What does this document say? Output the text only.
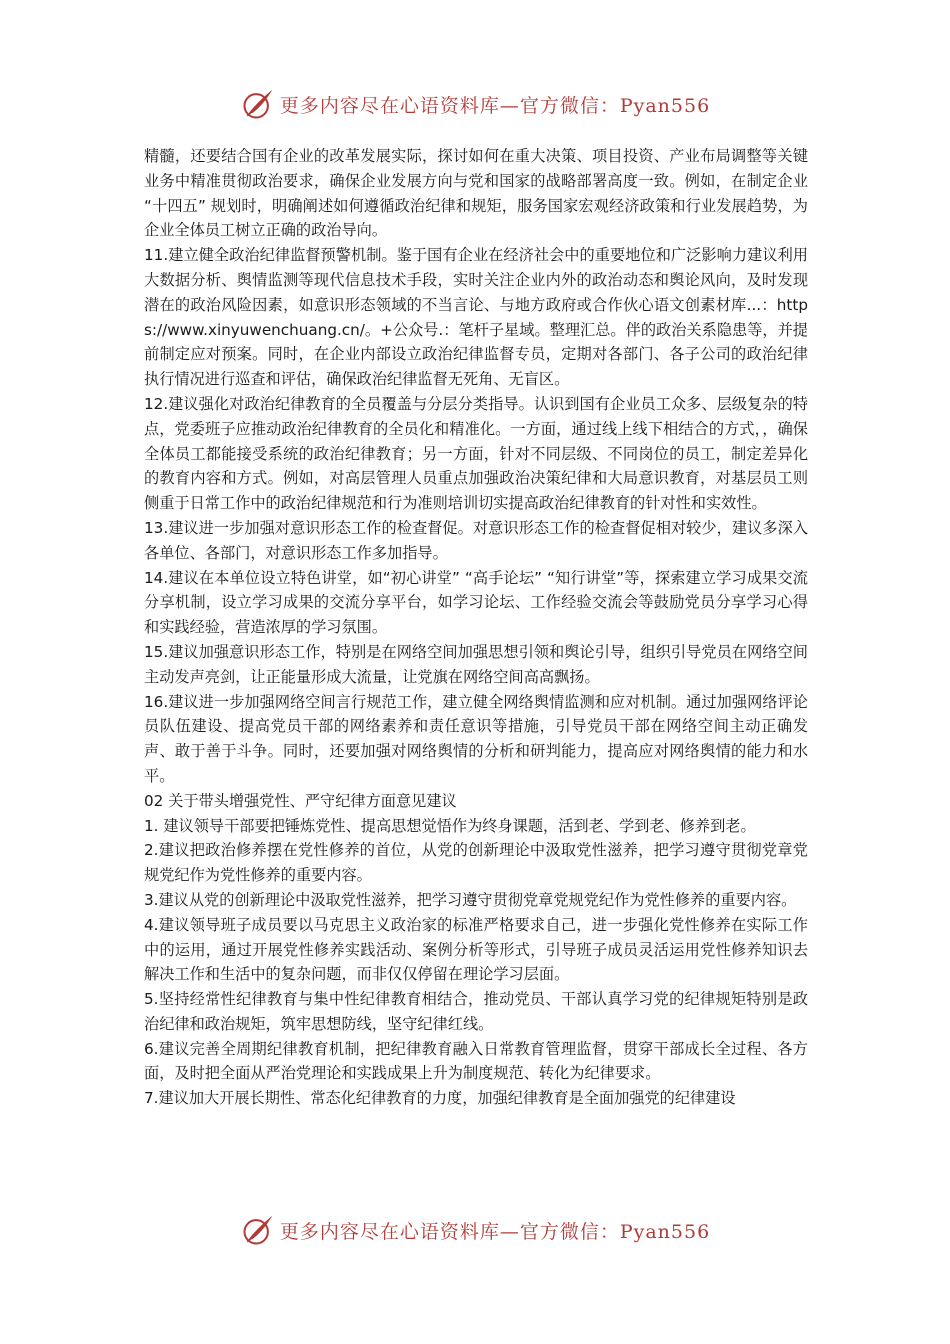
更多内容尽在心语资料库—官方微信：Pyan556

精髓，还要结合国有企业的改革发展实际，探讨如何在重大决策、项目投资、产业布局调整等关键业务中精准贯彻政治要求，确保企业发展方向与党和国家的战略部署高度一致。例如，在制定企业 “十四五” 规划时，明确阐述如何遵循政治纪律和规矩，服务国家宏观经济政策和行业发展趋势，为企业全体员工树立正确的政治导向。

11.建立健全政治纪律监督预警机制。鉴于国有企业在经济社会中的重要地位和广泛影响力建议利用大数据分析、舆情监测等现代信息技术手段，实时关注企业内外的政治动态和舆论风向，及时发现潜在的政治风险因素，如意识形态领域的不当言论、与地方政府或合作伙心语文创素材库...：https://www.xinyuwenchuang.cn/。+公众号.：笔杆子星域。整理汇总。伴的政治关系隐患等，并提前制定应对预案。同时，在企业内部设立政治纪律监督专员，定期对各部门、各子公司的政治纪律执行情况进行巡查和评估，确保政治纪律监督无死角、无盲区。

12.建议强化对政治纪律教育的全员覆盖与分层分类指导。认识到国有企业员工众多、层级复杂的特点，党委班子应推动政治纪律教育的全员化和精准化。一方面，通过线上线下相结合的方式，，确保全体员工都能接受系统的政治纪律教育；另一方面，针对不同层级、不同岗位的员工，制定差异化的教育内容和方式。例如，对高层管理人员重点加强政治决策纪律和大局意识教育，对基层员工则侧重于日常工作中的政治纪律规范和行为准则培训切实提高政治纪律教育的针对性和实效性。

13.建议进一步加强对意识形态工作的检查督促。对意识形态工作的检查督促相对较少，建议多深入各单位、各部门，对意识形态工作多加指导。

14.建议在本单位设立特色讲堂，如“初心讲堂” “高手论坛” “知行讲堂”等，探索建立学习成果交流分享机制，设立学习成果的交流分享平台，如学习论坛、工作经验交流会等鼓励党员分享学习心得和实践经验，营造浓厚的学习氛围。

15.建议加强意识形态工作，特别是在网络空间加强思想引领和舆论引导，组织引导党员在网络空间主动发声亮剑，让正能量形成大流量，让党旗在网络空间高高飘扬。

16.建议进一步加强网络空间言行规范工作，建立健全网络舆情监测和应对机制。通过加强网络评论员队伍建设、提高党员干部的网络素养和责任意识等措施，引导党员干部在网络空间主动正确发声、敢于善于斗争。同时，还要加强对网络舆情的分析和研判能力，提高应对网络舆情的能力和水平。

02 关于带头增强党性、严守纪律方面意见建议

1. 建议领导干部要把锤炼党性、提高思想觉悟作为终身课题，活到老、学到老、修养到老。

2.建议把政治修养摆在党性修养的首位，从党的创新理论中汲取党性滋养，把学习遵守贯彻党章党规党纪作为党性修养的重要内容。

3.建议从党的创新理论中汲取党性滋养，把学习遵守贯彻党章党规党纪作为党性修养的重要内容。

4.建议领导班子成员要以马克思主义政治家的标准严格要求自己，进一步强化党性修养在实际工作中的运用，通过开展党性修养实践活动、案例分析等形式，引导班子成员灵活运用党性修养知识去解决工作和生活中的复杂问题，而非仅仅停留在理论学习层面。

5.坚持经常性纪律教育与集中性纪律教育相结合，推动党员、干部认真学习党的纪律规矩特别是政治纪律和政治规矩，筑牢思想防线，坚守纪律红线。

6.建议完善全周期纪律教育机制，把纪律教育融入日常教育管理监督，贯穿干部成长全过程、各方面，及时把全面从严治党理论和实践成果上升为制度规范、转化为纪律要求。

7.建议加大开展长期性、常态化纪律教育的力度，加强纪律教育是全面加强党的纪律建设

更多内容尽在心语资料库—官方微信：Pyan556
